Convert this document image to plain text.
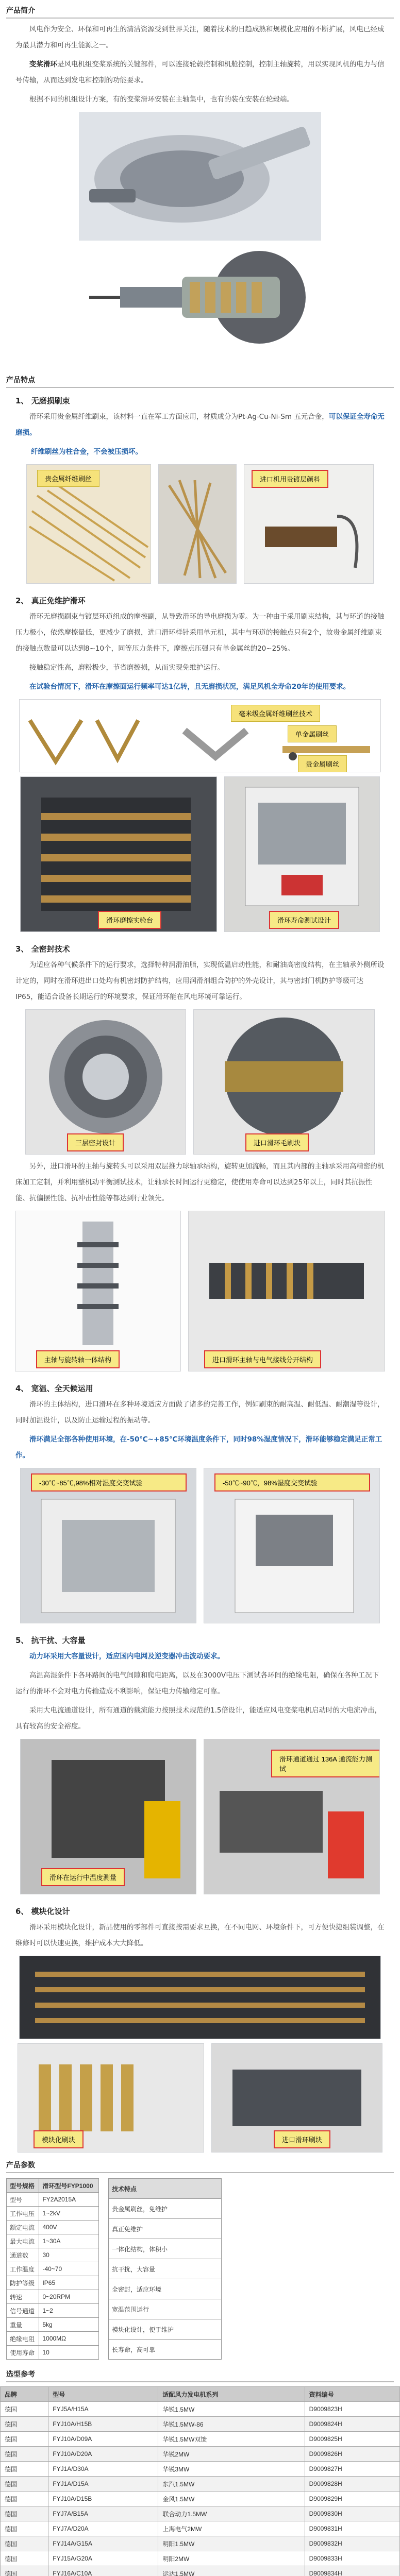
产品简介

风电作为安全、环保和可再生的清洁资源受到世界关注，随着技术的日趋成熟和规模化应用的不断扩展，风电已经成为最具潜力和可再生能源之一。

变桨滑环是风电机组变桨系统的关键部件，可以连接轮毂控制和机舱控制，控制主轴旋转，用以实现风机的电力与信号传输，从而达到发电和控制的功能要求。

根据不同的机组设计方案，有的变桨滑环安装在主轴集中，也有的装在安装在轮毂端。

产品特点
1、 无磨损刷束

滑环采用贵金属纤维刷束，该材料一直在军工方面应用，材质成分为Pt-Ag-Cu-Ni-Sm 五元合金，可以保证全寿命无磨损。

纤维刷丝为柱合金，不会被压损坏。

贵金属纤维刷丝	进口机用贵镀层颜料
2、 真正免维护滑环

滑环无磨损刷束与镀层环道组成的摩擦副，从导致滑环的导电磨损为零。为一种由于采用刷束结构，其与环道的接触压力极小，依然摩擦量低，更减少了磨损，进口滑环样针采用单元机，其中与环道的接触点只有2个，故贵金属纤维刷束的接触点数量可以达到8~10个，同等压力条件下，摩擦点压强只有单金属丝的20~25%。

接触稳定性高，磨粉极少，节省磨擦损，从而实现免维护运行。

在试验台情况下，滑环在摩擦面运行频率可达1亿转，且无磨损状况，满足风机全寿命20年的使用要求。

毫米级金属纤维刷丝技术
单金属刷丝
贵金属刷丝
滑环磨擦实验台	滑环寿命测试设计
3、 全密封技术

为适应各种气候条件下的运行要求，选择特种润滑油脂，实现低温启动性能，和耐油高密度结构，在主轴承外侧所设计定的，同时在滑环进出口处均有机密封防护结构，应用润滑剂组合防护的外壳设计，其与密封门机防护等级可达IP65，能适合设备长期运行的环境要求，保证滑环能在风电环境可靠运行。

三层密封设计	进口滑环毛刷块

另外，进口滑环的主轴与旋转头可以采用双层推力球轴承结构，旋转更加流畅，而且其内部的主轴承采用高精密的机床加工定制，并利用整机动平衡测试技术，让轴承长时间运行更稳定，使使用寿命可以达到25年以上，同时其抗振性能、抗偏摆性能、抗冲击性能等都达到行业领先。

主轴与旋转轴一体结构	进口滑环主轴与电气接线分开结构
4、 宽温、全天候运用

滑环的主体结构，进口滑环在多种环境适应方面做了诸多的完善工作，例如刷束的耐高温、耐低温、耐潮湿等设计，同时加温设计，以及防止运输过程的振动等。

滑环满足全部各种使用环境，在-50℃~+85℃环境温度条件下，同时98%湿度情况下，滑环能够稳定满足正常工作。

-30℃~85℃,98%相对湿度交变试验	-50℃~90℃，98%湿度交变试验
5、 抗干扰、大容量

动力环采用大容量设计，适应国内电网及逆变器冲击波动要求。

高温高湿条件下各环路间的电气间隙和爬电距离，以及在3000V电压下测试各环间的绝缘电阻，确保在各种工况下运行的滑环不会对电力传输造成不利影响，保证电力传输稳定可靠。

采用大电流通道设计，所有通道的载流能力按照技术规范的1.5倍设计，能适应风电变桨电机启动时的大电流冲击，具有较高的安全裕度。

滑环在运行中温度测量
滑环通道通过 136A 通流能力测试
6、 模块化设计

滑环采用模块化设计，新品使用的零部件可直接按需要求互换，在不同电网、环境条件下，可方便快捷组装调整，在维修时可以快速更换，维护成本大大降低。

模块化刷块	进口滑环刷块
产品参数
型号规格	滑环型号FYP1000
型号	FY2A2015A
工作电压	1~2kV
额定电流	400V
最大电流	1~30A
通道数	30
工作温度	-40~70
防护等级	IP65
转速	0~20RPM
信号通道	1~2
重量	5kg
绝缘电阻	1000MΩ
使用寿命	10
技术特点
贵金属刷丝，免维护
真正免维护
一体化结构，体积小
抗干扰，大容量
全密封，适应环境
宽温范围运行
模块化设计，便于维护
长寿命，高可靠
选型参考
品牌	型号	适配风力发电机系列	资料编号
德国	FYJ5A/H15A	华锐1.5MW	D9009823H
德国	FYJ10A/H15B	华锐1.5MW-86	D9009824H
德国	FYJ10A/D09A	华锐1.5MW双馈	D9009825H
德国	FYJ10A/D20A	华锐2MW	D9009826H
德国	FYJ1A/D30A	华锐3MW	D9009827H
德国	FYJ1A/D15A	东汽1.5MW	D9009828H
德国	FYJ10A/D15B	金风1.5MW	D9009829H
德国	FYJ7A/B15A	联合动力1.5MW	D9009830H
德国	FYJ7A/D20A	上海电气2MW	D9009831H
德国	FYJ14A/G15A	明阳1.5MW	D9009832H
德国	FYJ15A/G20A	明阳2MW	D9009833H
德国	FYJ16A/C10A	运达1.5MW	D9009834H
